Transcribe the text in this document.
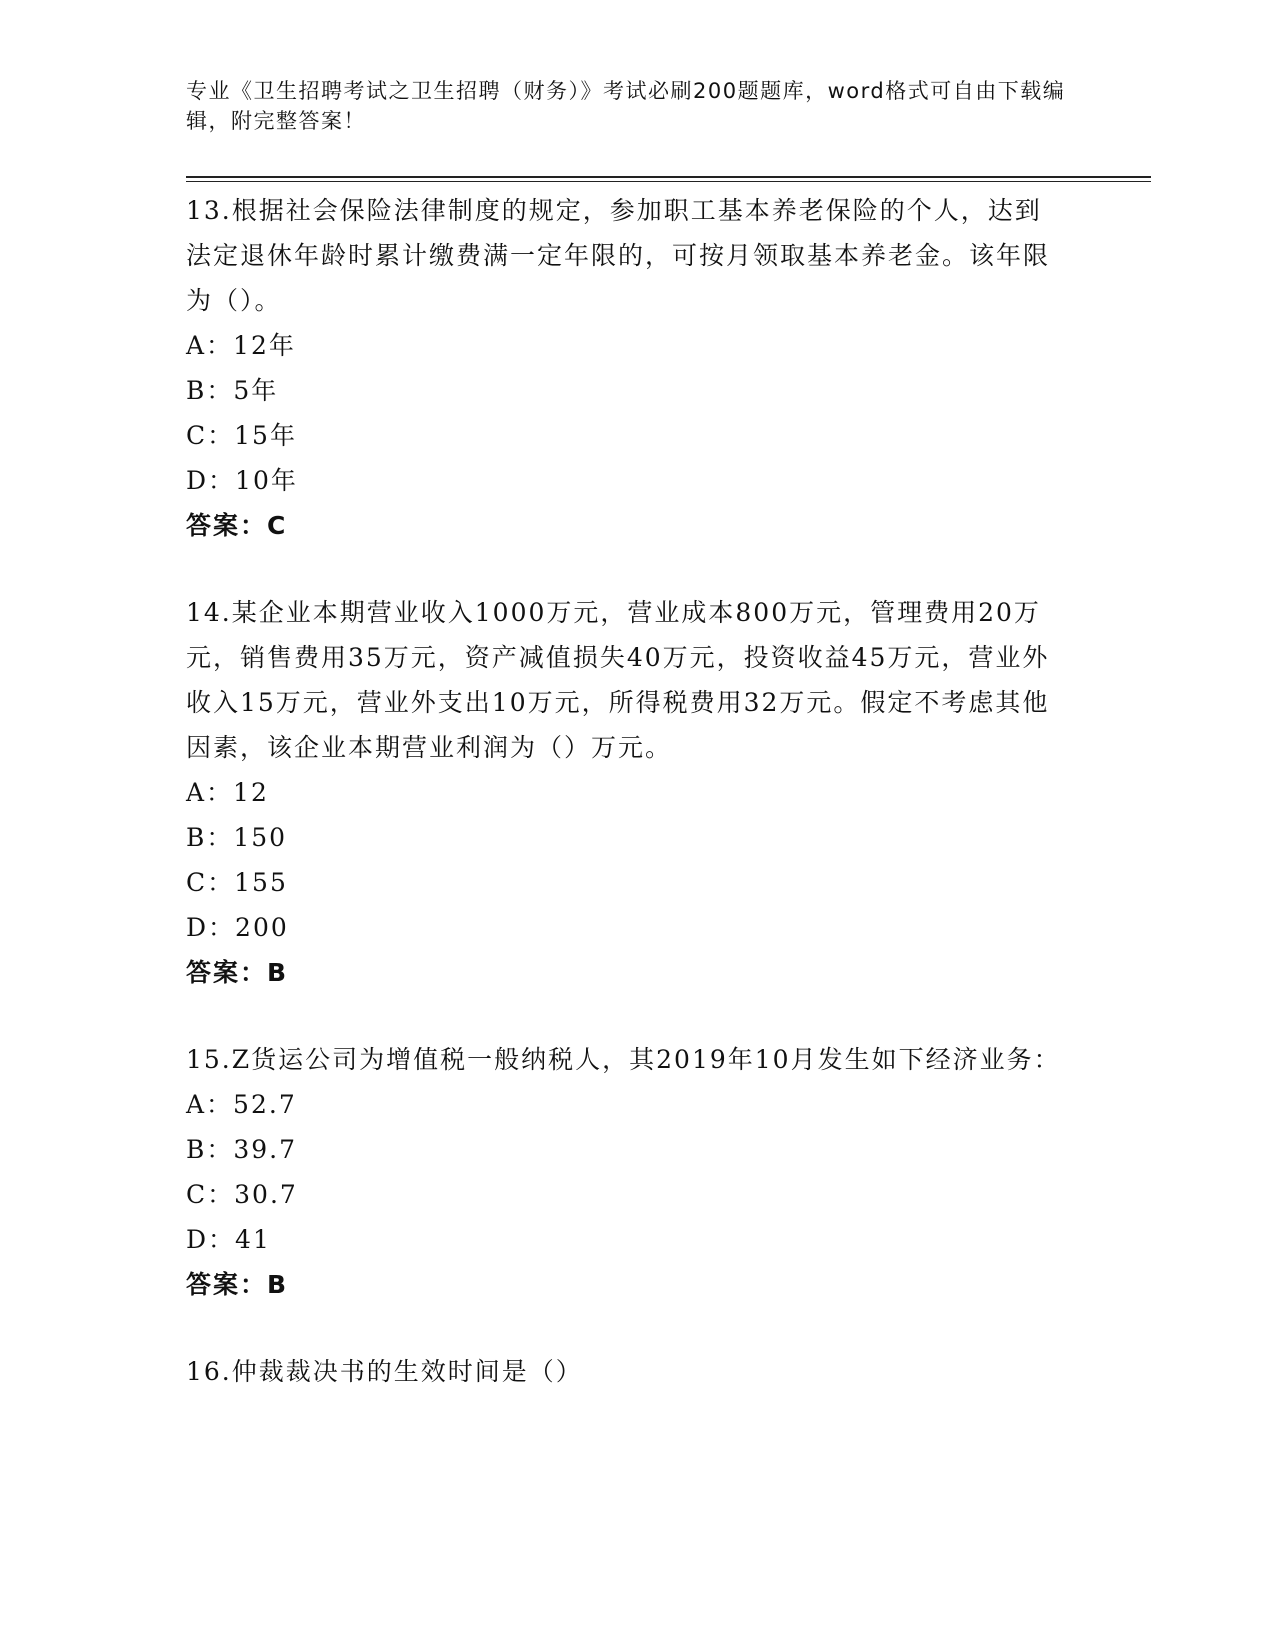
专业《卫生招聘考试之卫生招聘（财务）》考试必刷200题题库，word格式可自由下载编辑，附完整答案！
13.根据社会保险法律制度的规定，参加职工基本养老保险的个人，达到法定退休年龄时累计缴费满一定年限的，可按月领取基本养老金。该年限为（）。
A：12年
B：5年
C：15年
D：10年
答案：C
14.某企业本期营业收入1000万元，营业成本800万元，管理费用20万元，销售费用35万元，资产减值损失40万元，投资收益45万元，营业外收入15万元，营业外支出10万元，所得税费用32万元。假定不考虑其他因素，该企业本期营业利润为（）万元。
A：12
B：150
C：155
D：200
答案：B
15.Z货运公司为增值税一般纳税人，其2019年10月发生如下经济业务：
A：52.7
B：39.7
C：30.7
D：41
答案：B
16.仲裁裁决书的生效时间是（）
